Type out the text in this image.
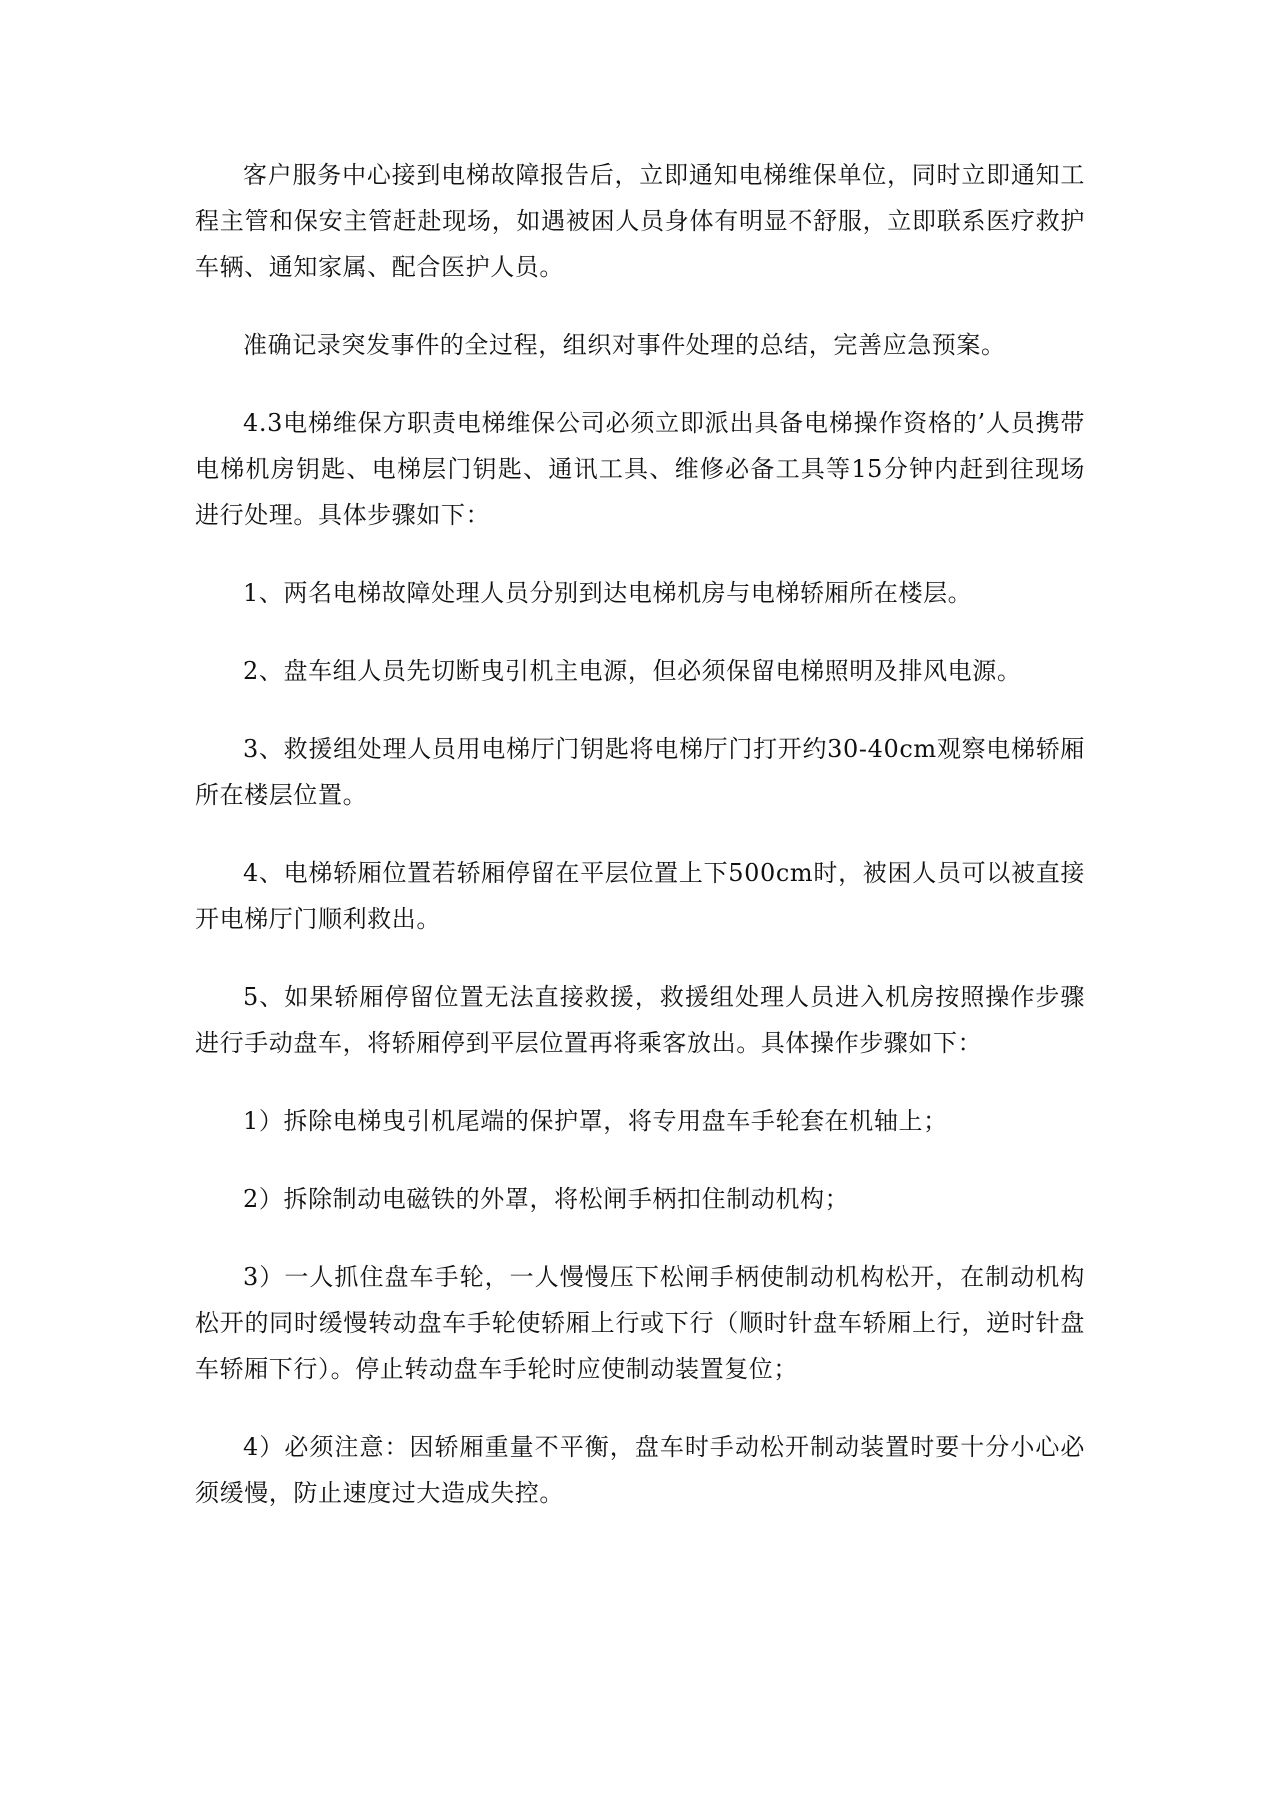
客户服务中心接到电梯故障报告后，立即通知电梯维保单位，同时立即通知工程主管和保安主管赶赴现场，如遇被困人员身体有明显不舒服，立即联系医疗救护车辆、通知家属、配合医护人员。

准确记录突发事件的全过程，组织对事件处理的总结，完善应急预案。

4.3电梯维保方职责电梯维保公司必须立即派出具备电梯操作资格的’人员携带电梯机房钥匙、电梯层门钥匙、通讯工具、维修必备工具等15分钟内赶到往现场进行处理。具体步骤如下：

1、两名电梯故障处理人员分别到达电梯机房与电梯轿厢所在楼层。

2、盘车组人员先切断曳引机主电源，但必须保留电梯照明及排风电源。

3、救援组处理人员用电梯厅门钥匙将电梯厅门打开约30-40cm观察电梯轿厢所在楼层位置。

4、电梯轿厢位置若轿厢停留在平层位置上下500cm时，被困人员可以被直接开电梯厅门顺利救出。

5、如果轿厢停留位置无法直接救援，救援组处理人员进入机房按照操作步骤进行手动盘车，将轿厢停到平层位置再将乘客放出。具体操作步骤如下：

1）拆除电梯曳引机尾端的保护罩，将专用盘车手轮套在机轴上；

2）拆除制动电磁铁的外罩，将松闸手柄扣住制动机构；

3）一人抓住盘车手轮，一人慢慢压下松闸手柄使制动机构松开，在制动机构松开的同时缓慢转动盘车手轮使轿厢上行或下行（顺时针盘车轿厢上行，逆时针盘车轿厢下行）。停止转动盘车手轮时应使制动装置复位；

4）必须注意：因轿厢重量不平衡，盘车时手动松开制动装置时要十分小心必须缓慢，防止速度过大造成失控。
